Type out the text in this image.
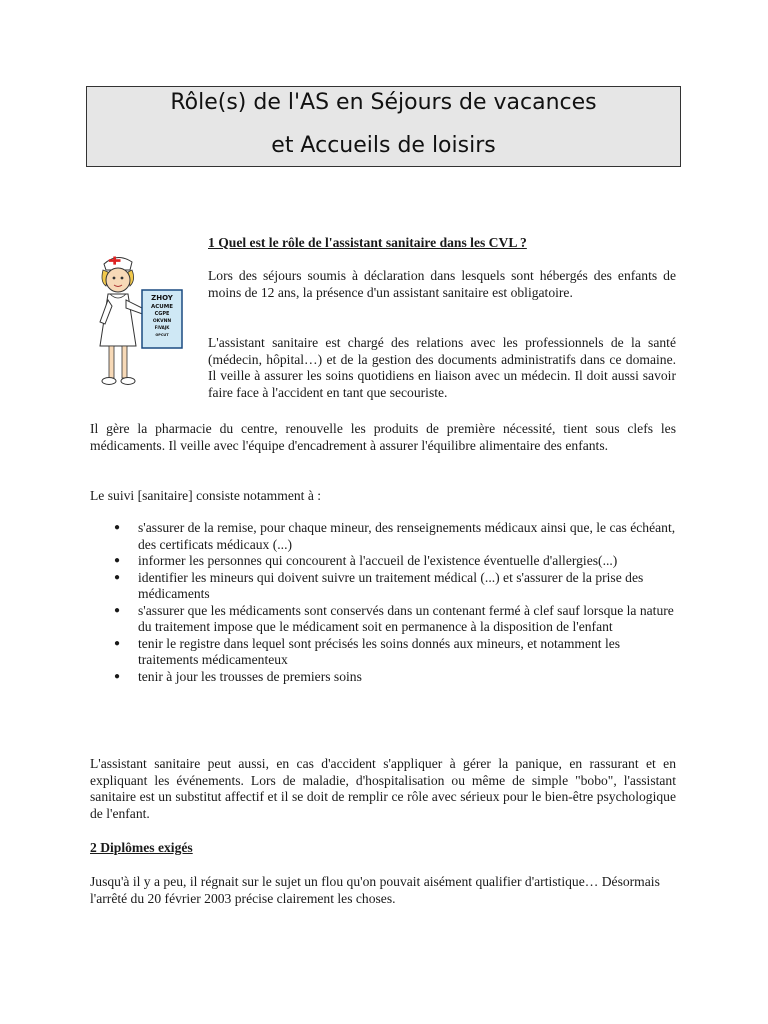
Rôle(s) de l'AS en Séjours de vacances
et Accueils de loisirs
ZHOY
ACUME
CGPE
OKVNN
FIVAJK
OPCUT
1 Quel est le rôle de l'assistant sanitaire dans les CVL ?

Lors des séjours soumis à déclaration dans lesquels sont hébergés des enfants de moins de 12 ans, la présence d'un assistant sanitaire est obligatoire.

L'assistant sanitaire est chargé des relations avec les professionnels de la santé (médecin, hôpital…) et de la gestion des documents administratifs dans ce domaine. Il veille à assurer les soins quotidiens en liaison avec un médecin. Il doit aussi savoir faire face à l'accident en tant que secouriste.

Il gère la pharmacie du centre, renouvelle les produits de première nécessité, tient sous clefs les médicaments. Il veille avec l'équipe d'encadrement à assurer l'équilibre alimentaire des enfants.

Le suivi [sanitaire] consiste notamment à :

● s'assurer de la remise, pour chaque mineur, des renseignements médicaux ainsi que, le cas échéant, des certificats médicaux (...)
● informer les personnes qui concourent à l'accueil de l'existence éventuelle d'allergies(...)
● identifier les mineurs qui doivent suivre un traitement médical (...) et s'assurer de la prise des médicaments
● s'assurer que les médicaments sont conservés dans un contenant fermé à clef sauf lorsque la nature du traitement impose que le médicament soit en permanence à la disposition de l'enfant
● tenir le registre dans lequel sont précisés les soins donnés aux mineurs, et notamment les traitements médicamenteux
● tenir à jour les trousses de premiers soins

L'assistant sanitaire peut aussi, en cas d'accident s'appliquer à gérer la panique, en rassurant et en expliquant les événements. Lors de maladie, d'hospitalisation ou même de simple "bobo", l'assistant sanitaire est un substitut affectif et il se doit de remplir ce rôle avec sérieux pour le bien-être psychologique de l'enfant.

2 Diplômes exigés

Jusqu'à il y a peu, il régnait sur le sujet un flou qu'on pouvait aisément qualifier d'artistique… Désormais l'arrêté du 20 février 2003 précise clairement les choses.
